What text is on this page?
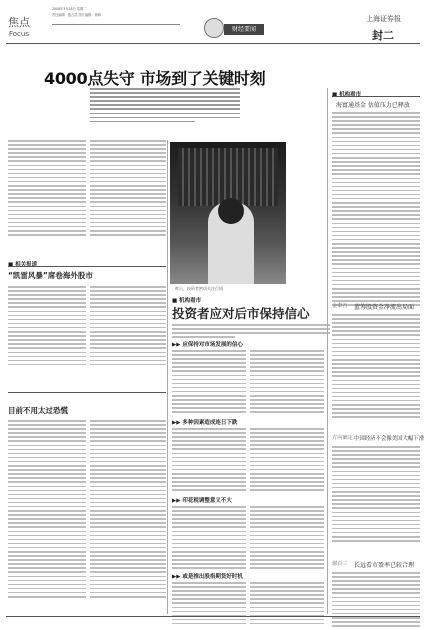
焦点
Focus
2008年3月18日 星期二
责任编辑：殷占武 图片编辑：徐海
财经要闻
上海证券报
封二
4000点失守 市场到了关键时刻
■ 相关报道
“凯雷风暴”席卷海外股市
目前不用太过恐慌
昨日，投资者密切关注行情
■ 机构看市
投资者应对后市保持信心
▶▶ 应保持对市场发展的信心
▶▶ 多种因素造成连日下跌
▶▶ 印花税调整意义不大
▶▶ 或是推出股指期货好时机
■ 机构看市
海富通基金 估值压力已释放
金泰吉 蓝筹股资金净流出局面
方向确定 中国经济不会像美国大幅下滑
谢百三 长远看市盈率已较合理
